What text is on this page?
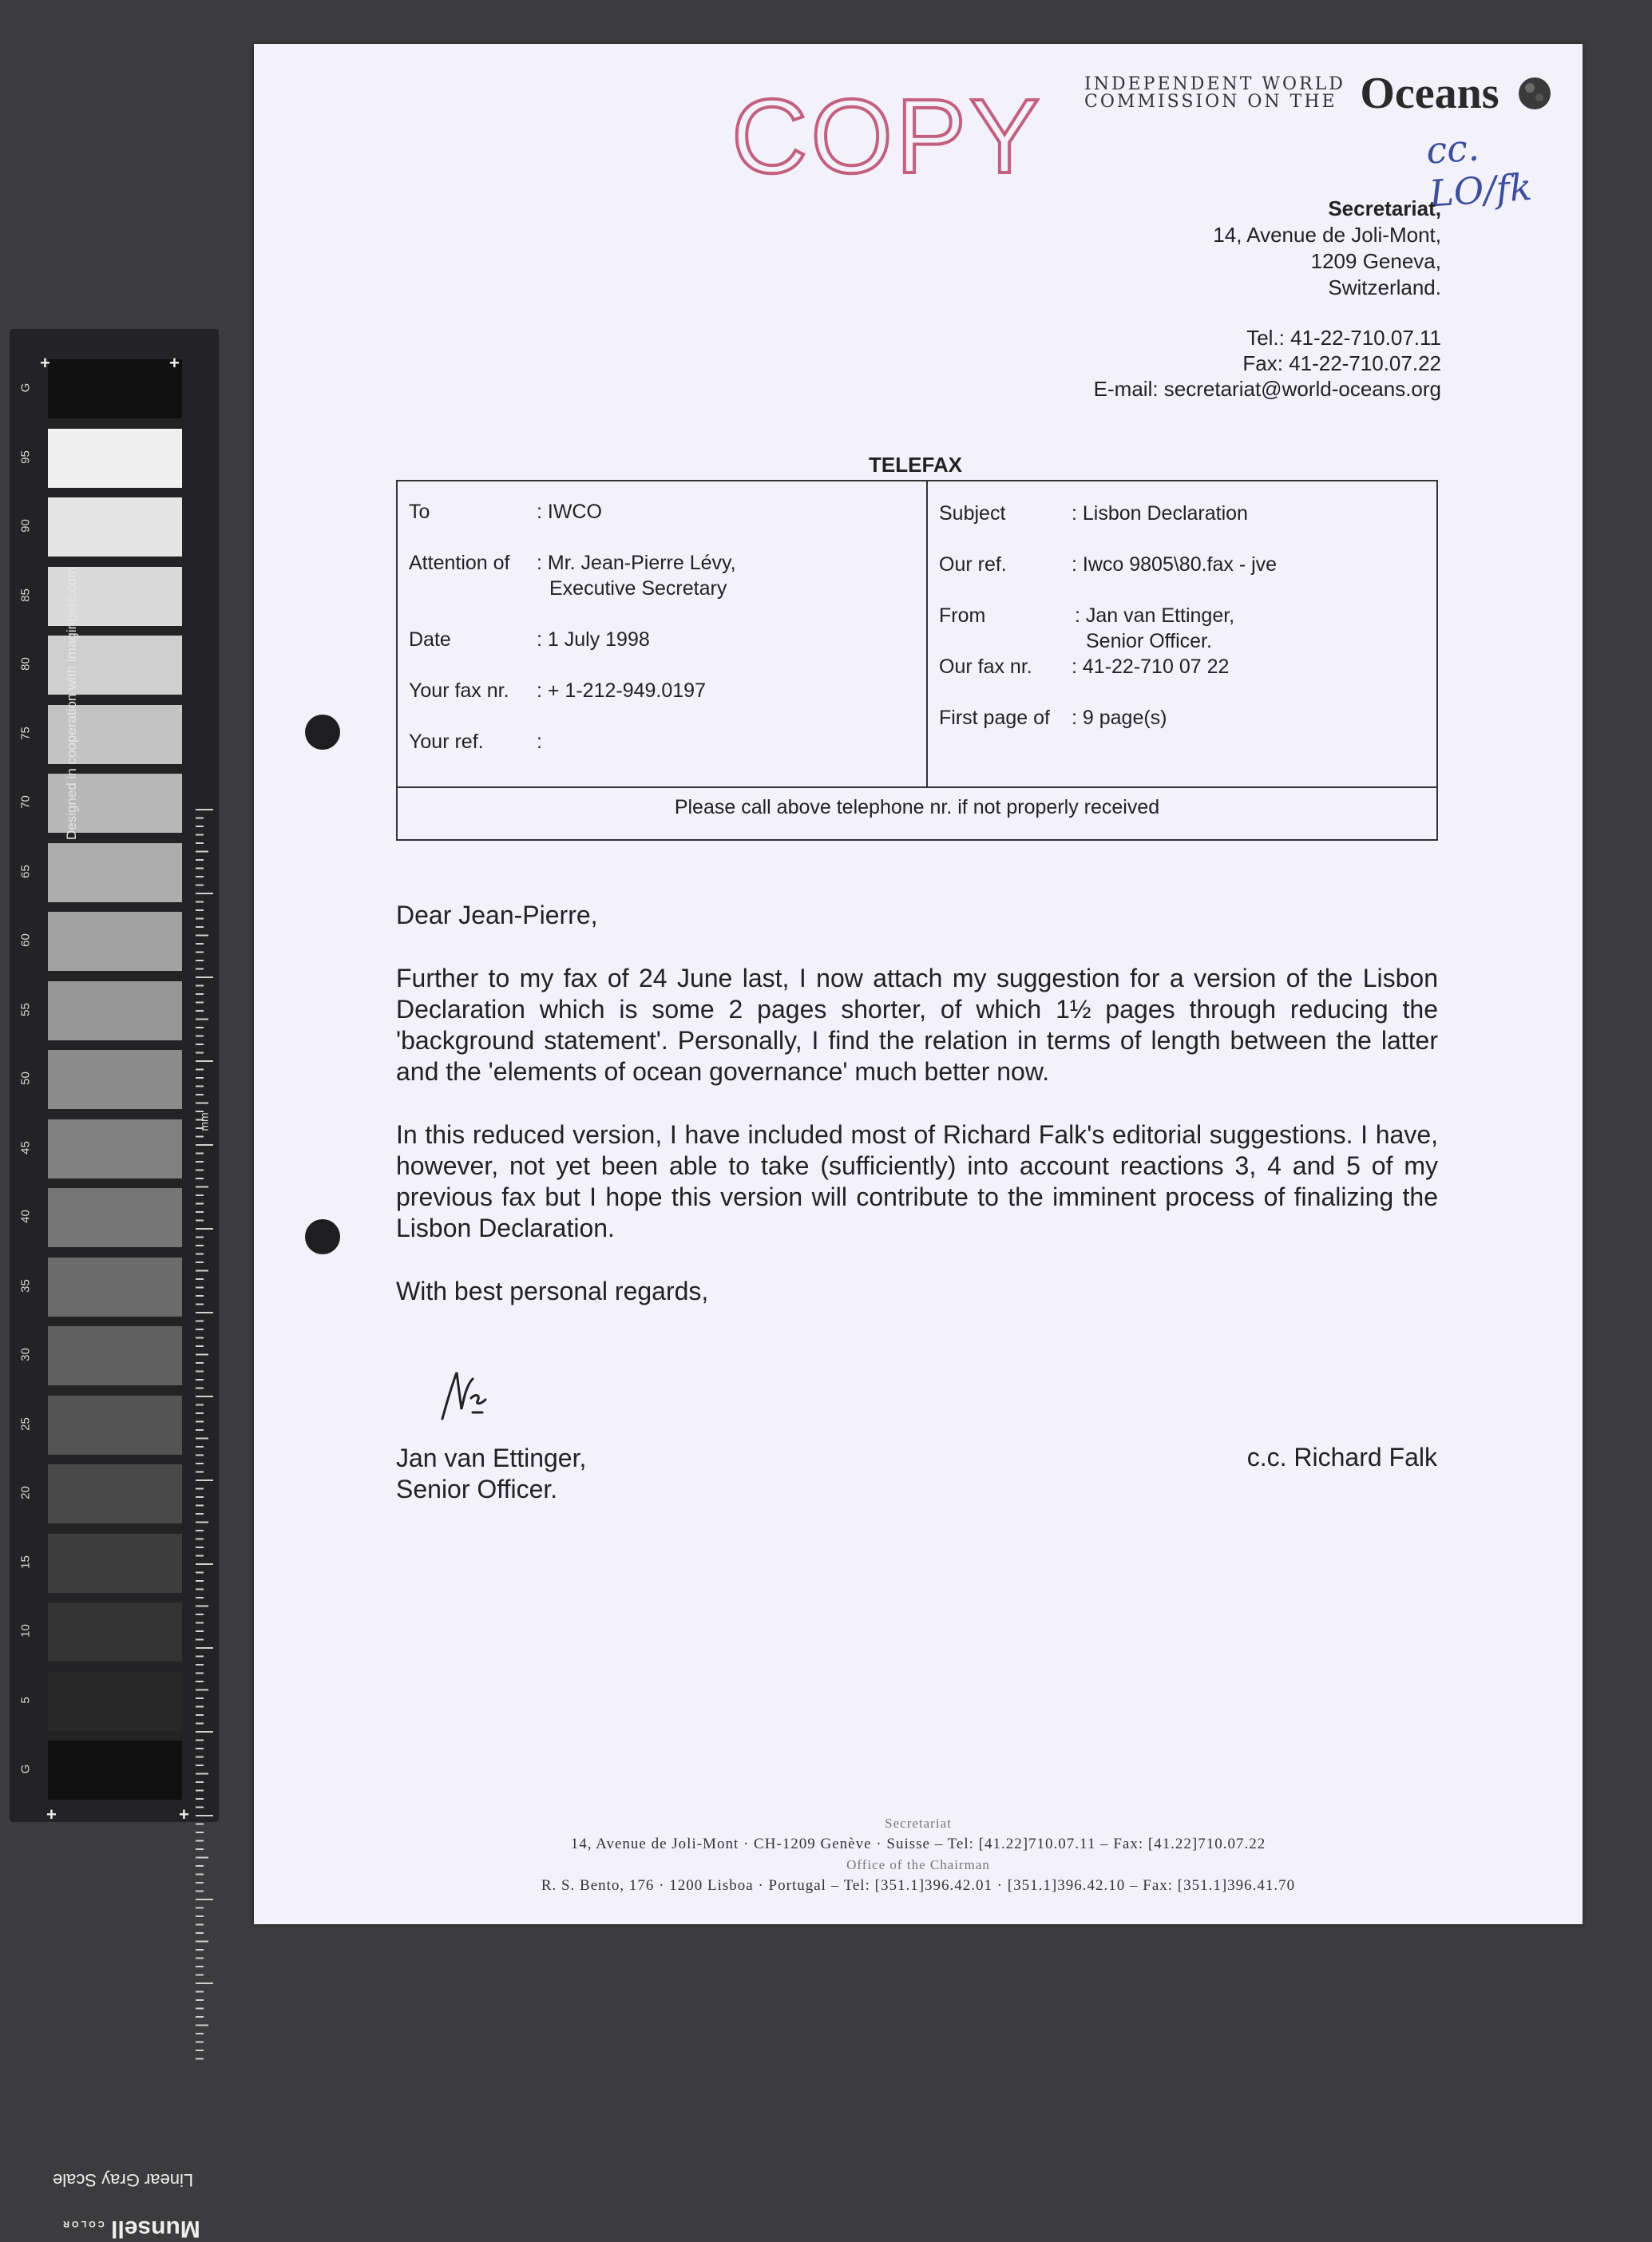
G
95
90
85
80
75
70
65
60
55
50
45
40
35
30
25
20
15
10
5
G
+	+
+	+
Designed in cooperation with imagingetc.com
mm
Linear Gray Scale
Munsell COLOR
COPY INDEPENDENT WORLD
COMMISSION ON THE Oceans
cc. LO/fk
Secretariat,
14, Avenue de Joli-Mont,
1209 Geneva,
Switzerland.
Tel.: 41-22-710.07.11
Fax: 41-22-710.07.22
E-mail: secretariat@world-oceans.org
TELEFAX
To	: IWCO
Attention of : Mr. Jean-Pierre Lévy,
Executive Secretary
Date	: 1 July 1998
Your fax nr. : + 1-212-949.0197
Your ref.	:
Subject	: Lisbon Declaration
Our ref.	: Iwco 9805\80.fax - jve
From	: Jan van Ettinger,
Senior Officer.
Our fax nr. : 41-22-710 07 22
First page of : 9 page(s)
Please call above telephone nr. if not properly received

Dear Jean-Pierre,

Further to my fax of 24 June last, I now attach my suggestion for a version of the Lisbon Declaration which is some 2 pages shorter, of which 1½ pages through reducing the 'background statement'. Personally, I find the relation in terms of length between the latter and the 'elements of ocean governance' much better now.

In this reduced version, I have included most of Richard Falk's editorial suggestions. I have, however, not yet been able to take (sufficiently) into account reactions 3, 4 and 5 of my previous fax but I hope this version will contribute to the imminent process of finalizing the Lisbon Declaration.

With best personal regards,

Jan van Ettinger,
Senior Officer.
c.c. Richard Falk
Secretariat
14, Avenue de Joli-Mont · CH-1209 Genève · Suisse – Tel: [41.22]710.07.11 – Fax: [41.22]710.07.22
Office of the Chairman
R. S. Bento, 176 · 1200 Lisboa · Portugal – Tel: [351.1]396.42.01 · [351.1]396.42.10 – Fax: [351.1]396.41.70
